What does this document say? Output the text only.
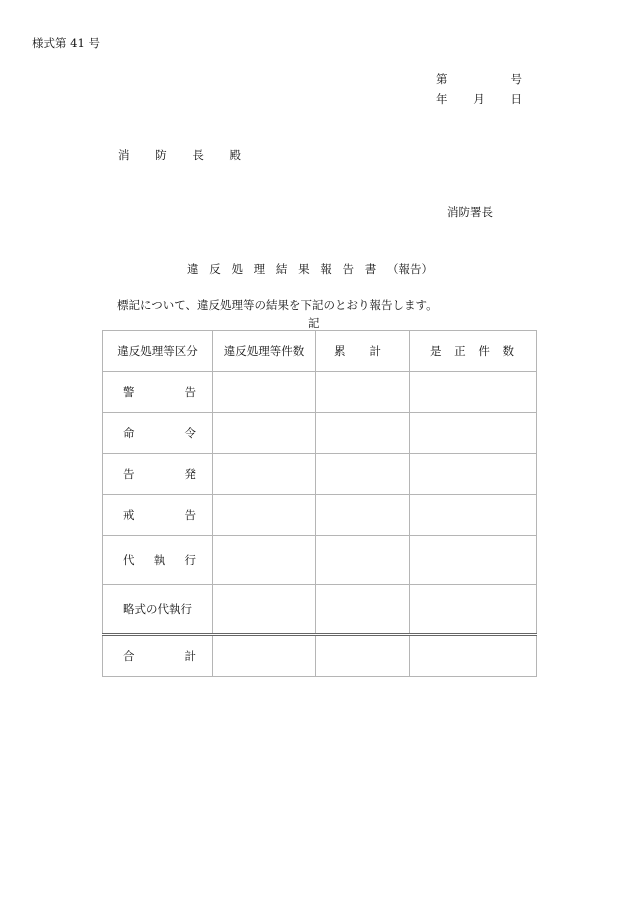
様式第 41 号
第	号
年 月 日
消 防 長 殿
消防署長
違 反 処 理 結 果 報 告 書 （報告）
標記について、違反処理等の結果を下記のとおり報告します。
記
違反処理等区分	違反処理等件数	累 計	是 正 件 数

警 告			

命 令			

告 発			

戒 告			

代 執 行			

略式の代執行			

合 計			
